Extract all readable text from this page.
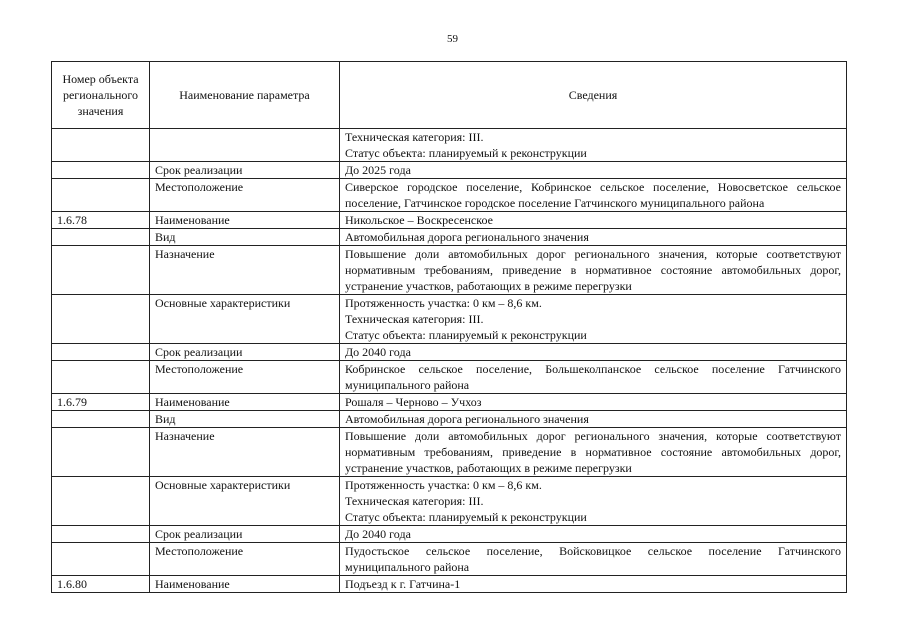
59
Номер объекта регионального значения	Наименование параметра	Сведения

		Техническая категория: III.
Статус объекта: планируемый к реконструкции

	Срок реализации	До 2025 года
	Местоположение	Сиверское городское поселение, Кобринское сельское поселение, Новосветское сельское поселение, Гатчинское городское поселение Гатчинского муниципального района
1.6.78	Наименование	Никольское – Воскресенское
	Вид	Автомобильная дорога регионального значения
	Назначение	Повышение доли автомобильных дорог регионального значения, которые соответствуют нормативным требованиям, приведение в нормативное состояние автомобильных дорог, устранение участков, работающих в режиме перегрузки
	Основные характеристики	Протяженность участка: 0 км – 8,6 км.
Техническая категория: III.
Статус объекта: планируемый к реконструкции

	Срок реализации	До 2040 года
	Местоположение	Кобринское сельское поселение, Большеколпанское сельское поселение Гатчинского муниципального района
1.6.79	Наименование	Рошаля – Черново – Учхоз
	Вид	Автомобильная дорога регионального значения
	Назначение	Повышение доли автомобильных дорог регионального значения, которые соответствуют нормативным требованиям, приведение в нормативное состояние автомобильных дорог, устранение участков, работающих в режиме перегрузки
	Основные характеристики	Протяженность участка: 0 км – 8,6 км.
Техническая категория: III.
Статус объекта: планируемый к реконструкции

	Срок реализации	До 2040 года
	Местоположение	Пудостьское сельское поселение, Войсковицкое сельское поселение Гатчинского муниципального района
1.6.80	Наименование	Подъезд к г. Гатчина-1
